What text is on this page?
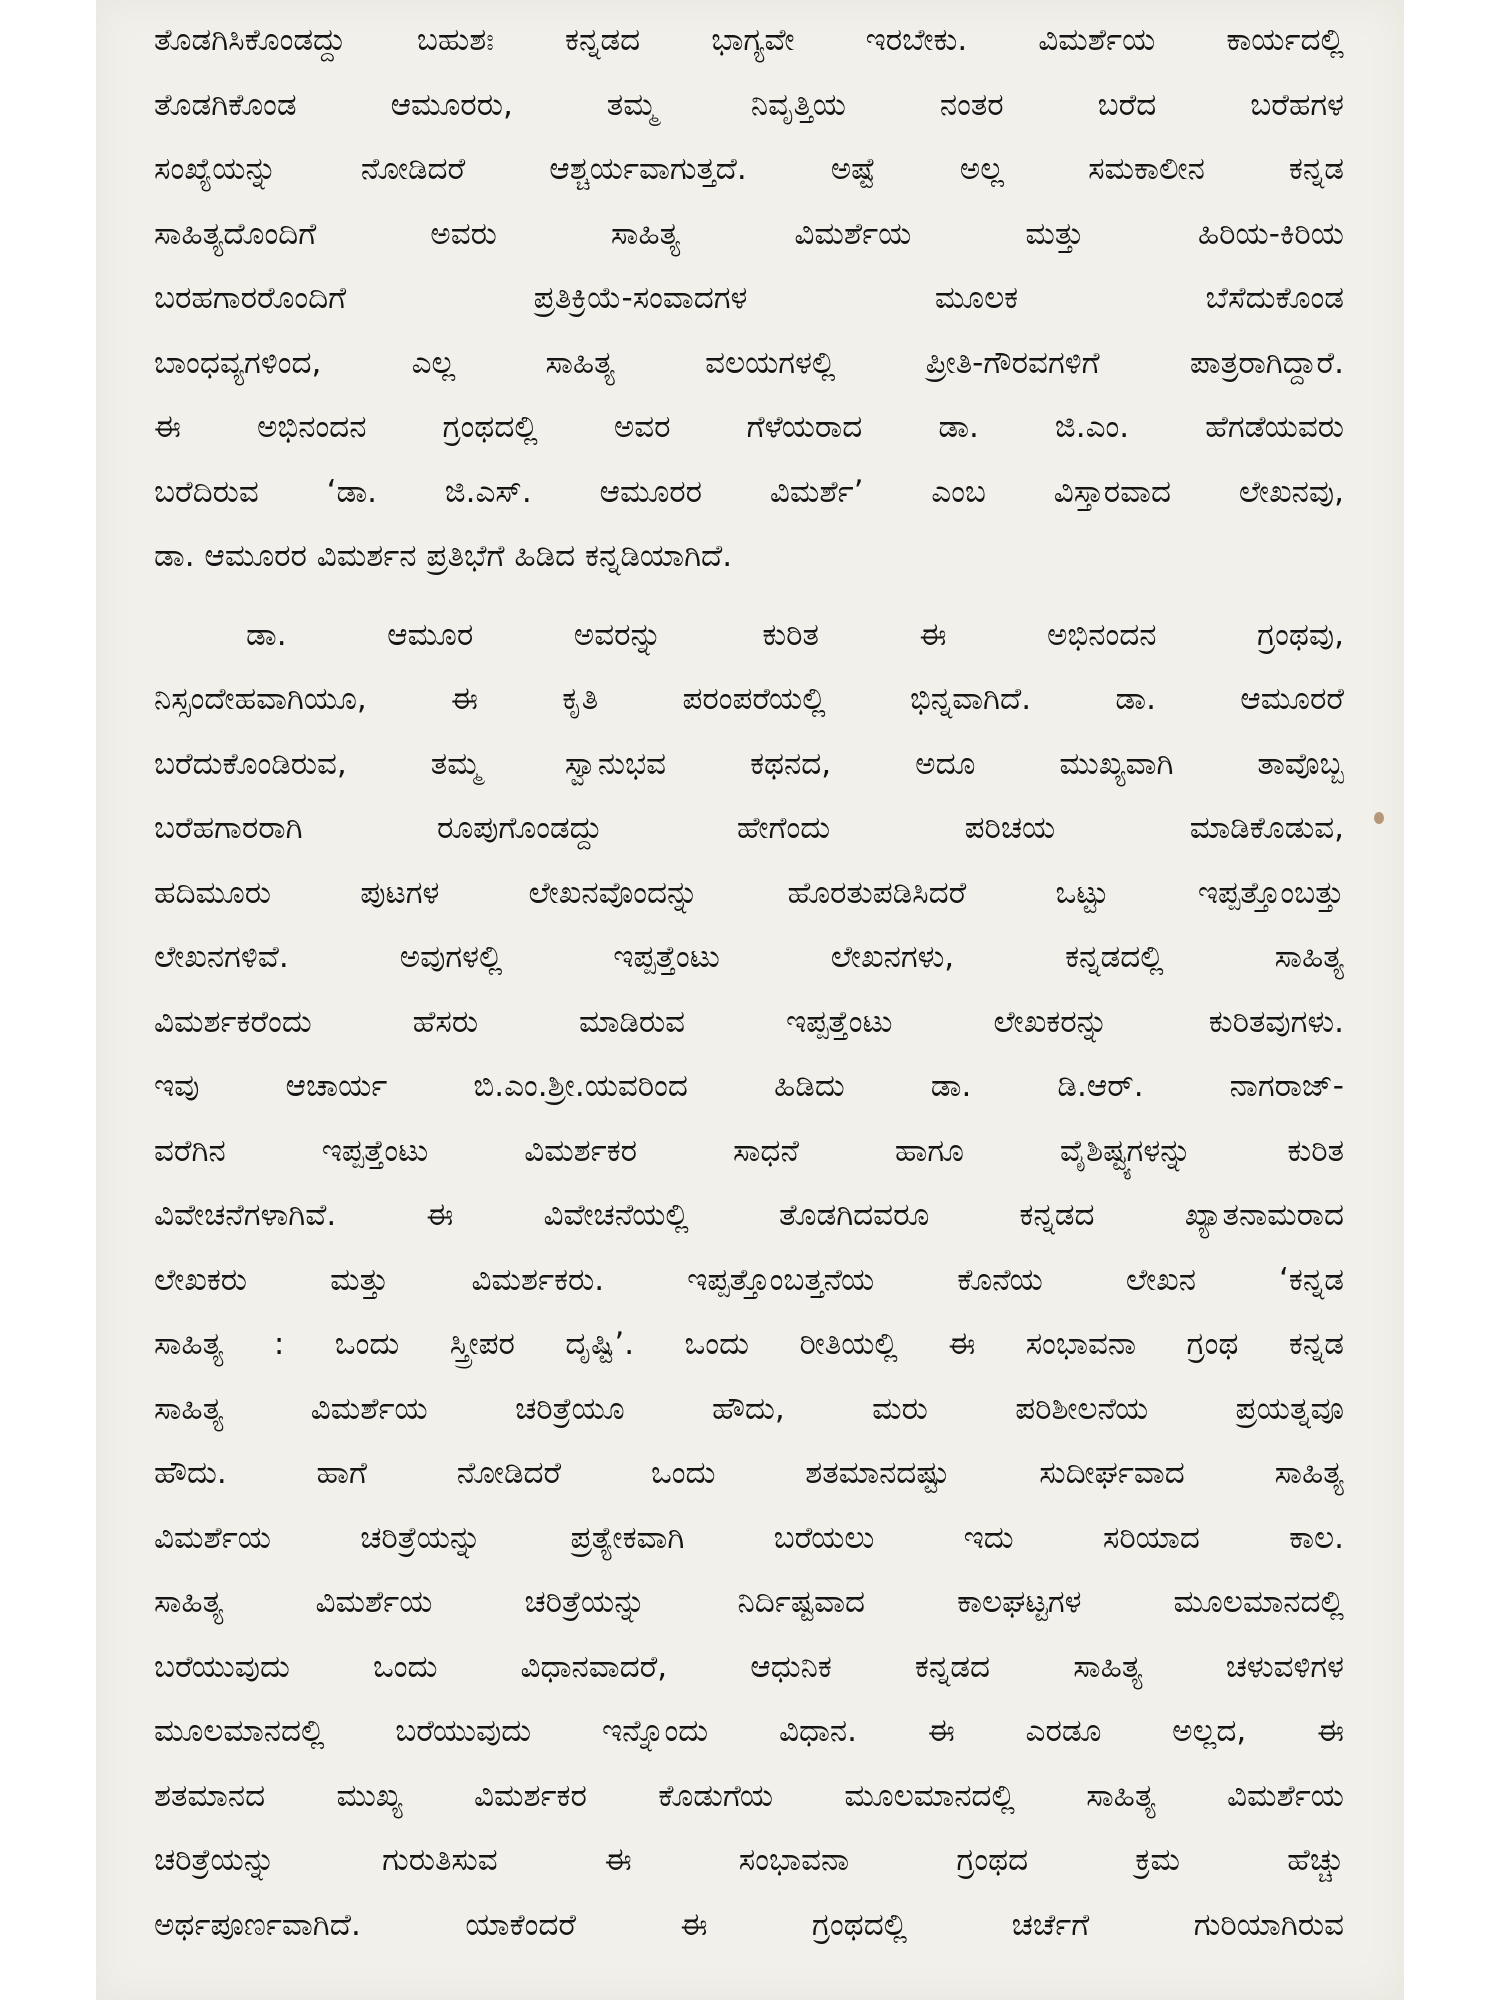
ತೊಡಗಿಸಿಕೊಂಡದ್ದು ಬಹುಶಃ ಕನ್ನಡದ ಭಾಗ್ಯವೇ ಇರಬೇಕು. ವಿಮರ್ಶೆಯ ಕಾರ್ಯದಲ್ಲಿ
ತೊಡಗಿಕೊಂಡ ಆಮೂರರು, ತಮ್ಮ ನಿವೃತ್ತಿಯ ನಂತರ ಬರೆದ ಬರೆಹಗಳ
ಸಂಖ್ಯೆಯನ್ನು ನೋಡಿದರೆ ಆಶ್ಚರ್ಯವಾಗುತ್ತದೆ. ಅಷ್ಟೆ ಅಲ್ಲ ಸಮಕಾಲೀನ ಕನ್ನಡ
ಸಾಹಿತ್ಯದೊಂದಿಗೆ ಅವರು ಸಾಹಿತ್ಯ ವಿಮರ್ಶೆಯ ಮತ್ತು ಹಿರಿಯ-ಕಿರಿಯ
ಬರಹಗಾರರೊಂದಿಗೆ ಪ್ರತಿಕ್ರಿಯೆ-ಸಂವಾದಗಳ ಮೂಲಕ ಬೆಸೆದುಕೊಂಡ
ಬಾಂಧವ್ಯಗಳಿಂದ, ಎಲ್ಲ ಸಾಹಿತ್ಯ ವಲಯಗಳಲ್ಲಿ ಪ್ರೀತಿ-ಗೌರವಗಳಿಗೆ ಪಾತ್ರರಾಗಿದ್ದಾರೆ.
ಈ ಅಭಿನಂದನ ಗ್ರಂಥದಲ್ಲಿ ಅವರ ಗೆಳೆಯರಾದ ಡಾ. ಜಿ.ಎಂ. ಹೆಗಡೆಯವರು
ಬರೆದಿರುವ ‘ಡಾ. ಜಿ.ಎಸ್. ಆಮೂರರ ವಿಮರ್ಶೆ’ ಎಂಬ ವಿಸ್ತಾರವಾದ ಲೇಖನವು,
ಡಾ. ಆಮೂರರ ವಿಮರ್ಶನ ಪ್ರತಿಭೆಗೆ ಹಿಡಿದ ಕನ್ನಡಿಯಾಗಿದೆ.
ಡಾ. ಆಮೂರ ಅವರನ್ನು ಕುರಿತ ಈ ಅಭಿನಂದನ ಗ್ರಂಥವು,
ನಿಸ್ಸಂದೇಹವಾಗಿಯೂ, ಈ ಕೃತಿ ಪರಂಪರೆಯಲ್ಲಿ ಭಿನ್ನವಾಗಿದೆ. ಡಾ. ಆಮೂರರೆ
ಬರೆದುಕೊಂಡಿರುವ, ತಮ್ಮ ಸ್ವಾನುಭವ ಕಥನದ, ಅದೂ ಮುಖ್ಯವಾಗಿ ತಾವೊಬ್ಬ
ಬರೆಹಗಾರರಾಗಿ ರೂಪುಗೊಂಡದ್ದು ಹೇಗೆಂದು ಪರಿಚಯ ಮಾಡಿಕೊಡುವ,
ಹದಿಮೂರು ಪುಟಗಳ ಲೇಖನವೊಂದನ್ನು ಹೊರತುಪಡಿಸಿದರೆ ಒಟ್ಟು ಇಪ್ಪತ್ತೊಂಬತ್ತು
ಲೇಖನಗಳಿವೆ. ಅವುಗಳಲ್ಲಿ ಇಪ್ಪತ್ತೆಂಟು ಲೇಖನಗಳು, ಕನ್ನಡದಲ್ಲಿ ಸಾಹಿತ್ಯ
ವಿಮರ್ಶಕರೆಂದು ಹೆಸರು ಮಾಡಿರುವ ಇಪ್ಪತ್ತೆಂಟು ಲೇಖಕರನ್ನು ಕುರಿತವುಗಳು.
ಇವು ಆಚಾರ್ಯ ಬಿ.ಎಂ.ಶ್ರೀ.ಯವರಿಂದ ಹಿಡಿದು ಡಾ. ಡಿ.ಆರ್. ನಾಗರಾಜ್-
ವರೆಗಿನ ಇಪ್ಪತ್ತೆಂಟು ವಿಮರ್ಶಕರ ಸಾಧನೆ ಹಾಗೂ ವೈಶಿಷ್ಟ್ಯಗಳನ್ನು ಕುರಿತ
ವಿವೇಚನೆಗಳಾಗಿವೆ. ಈ ವಿವೇಚನೆಯಲ್ಲಿ ತೊಡಗಿದವರೂ ಕನ್ನಡದ ಖ್ಯಾತನಾಮರಾದ
ಲೇಖಕರು ಮತ್ತು ವಿಮರ್ಶಕರು. ಇಪ್ಪತ್ತೊಂಬತ್ತನೆಯ ಕೊನೆಯ ಲೇಖನ ‘ಕನ್ನಡ
ಸಾಹಿತ್ಯ : ಒಂದು ಸ್ತ್ರೀಪರ ದೃಷ್ಟಿ’. ಒಂದು ರೀತಿಯಲ್ಲಿ ಈ ಸಂಭಾವನಾ ಗ್ರಂಥ ಕನ್ನಡ
ಸಾಹಿತ್ಯ ವಿಮರ್ಶೆಯ ಚರಿತ್ರೆಯೂ ಹೌದು, ಮರು ಪರಿಶೀಲನೆಯ ಪ್ರಯತ್ನವೂ
ಹೌದು. ಹಾಗೆ ನೋಡಿದರೆ ಒಂದು ಶತಮಾನದಷ್ಟು ಸುದೀರ್ಘವಾದ ಸಾಹಿತ್ಯ
ವಿಮರ್ಶೆಯ ಚರಿತ್ರೆಯನ್ನು ಪ್ರತ್ಯೇಕವಾಗಿ ಬರೆಯಲು ಇದು ಸರಿಯಾದ ಕಾಲ.
ಸಾಹಿತ್ಯ ವಿಮರ್ಶೆಯ ಚರಿತ್ರೆಯನ್ನು ನಿರ್ದಿಷ್ಟವಾದ ಕಾಲಘಟ್ಟಗಳ ಮೂಲಮಾನದಲ್ಲಿ
ಬರೆಯುವುದು ಒಂದು ವಿಧಾನವಾದರೆ, ಆಧುನಿಕ ಕನ್ನಡದ ಸಾಹಿತ್ಯ ಚಳುವಳಿಗಳ
ಮೂಲಮಾನದಲ್ಲಿ ಬರೆಯುವುದು ಇನ್ನೊಂದು ವಿಧಾನ. ಈ ಎರಡೂ ಅಲ್ಲದ, ಈ
ಶತಮಾನದ ಮುಖ್ಯ ವಿಮರ್ಶಕರ ಕೊಡುಗೆಯ ಮೂಲಮಾನದಲ್ಲಿ ಸಾಹಿತ್ಯ ವಿಮರ್ಶೆಯ
ಚರಿತ್ರೆಯನ್ನು ಗುರುತಿಸುವ ಈ ಸಂಭಾವನಾ ಗ್ರಂಥದ ಕ್ರಮ ಹೆಚ್ಚು
ಅರ್ಥಪೂರ್ಣವಾಗಿದೆ. ಯಾಕೆಂದರೆ ಈ ಗ್ರಂಥದಲ್ಲಿ ಚರ್ಚೆಗೆ ಗುರಿಯಾಗಿರುವ
